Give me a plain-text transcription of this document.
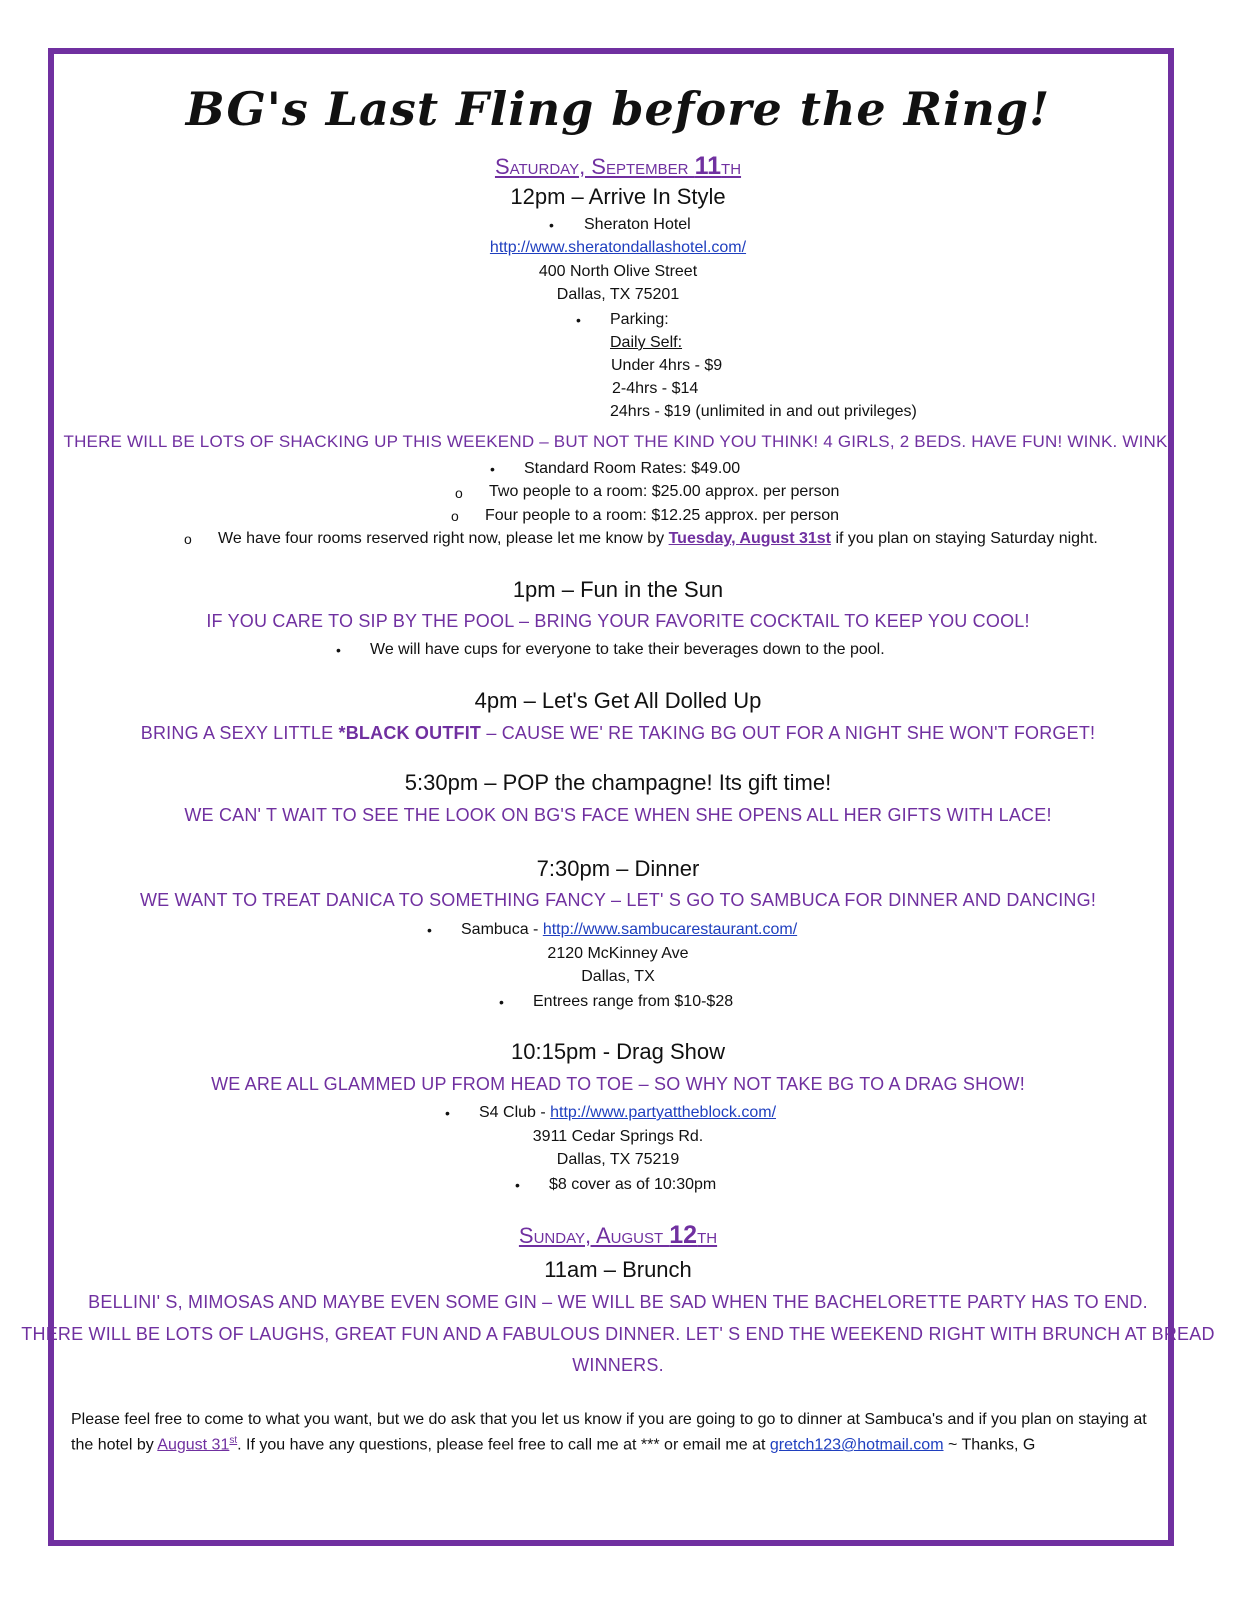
BG's Last Fling before the Ring!
Saturday, September 11th
12pm – Arrive In Style
• Sheraton Hotel
http://www.sheratondallashotel.com/
400 North Olive Street
Dallas, TX 75201
• Parking:
Daily Self:
Under 4hrs - $9
2-4hrs - $14
24hrs - $19 (unlimited in and out privileges)
THERE WILL BE LOTS OF SHACKING UP THIS WEEKEND – BUT NOT THE KIND YOU THINK! 4 GIRLS, 2 BEDS. HAVE FUN! WINK. WINK.
• Standard Room Rates: $49.00
o Two people to a room: $25.00 approx. per person
o Four people to a room: $12.25 approx. per person
o We have four rooms reserved right now, please let me know by Tuesday, August 31st if you plan on staying Saturday night.
1pm – Fun in the Sun
IF YOU CARE TO SIP BY THE POOL – BRING YOUR FAVORITE COCKTAIL TO KEEP YOU COOL!
• We will have cups for everyone to take their beverages down to the pool.
4pm – Let's Get All Dolled Up
BRING A SEXY LITTLE *BLACK OUTFIT – CAUSE WE' RE TAKING BG OUT FOR A NIGHT SHE WON'T FORGET!
5:30pm – POP the champagne! Its gift time!
WE CAN' T WAIT TO SEE THE LOOK ON BG'S FACE WHEN SHE OPENS ALL HER GIFTS WITH LACE!
7:30pm – Dinner
WE WANT TO TREAT DANICA TO SOMETHING FANCY – LET' S GO TO SAMBUCA FOR DINNER AND DANCING!
• Sambuca - http://www.sambucarestaurant.com/
2120 McKinney Ave
Dallas, TX
• Entrees range from $10-$28
10:15pm - Drag Show
WE ARE ALL GLAMMED UP FROM HEAD TO TOE – SO WHY NOT TAKE BG TO A DRAG SHOW!
• S4 Club - http://www.partyattheblock.com/
3911 Cedar Springs Rd.
Dallas, TX 75219
• $8 cover as of 10:30pm
Sunday, August 12th
11am – Brunch
BELLINI' S, MIMOSAS AND MAYBE EVEN SOME GIN – WE WILL BE SAD WHEN THE BACHELORETTE PARTY HAS TO END.
THERE WILL BE LOTS OF LAUGHS, GREAT FUN AND A FABULOUS DINNER. LET' S END THE WEEKEND RIGHT WITH BRUNCH AT BREAD
WINNERS.
Please feel free to come to what you want, but we do ask that you let us know if you are going to go to dinner at Sambuca's and if you plan on staying at the hotel by August 31st. If you have any questions, please feel free to call me at *** or email me at gretch123@hotmail.com ~ Thanks, G
